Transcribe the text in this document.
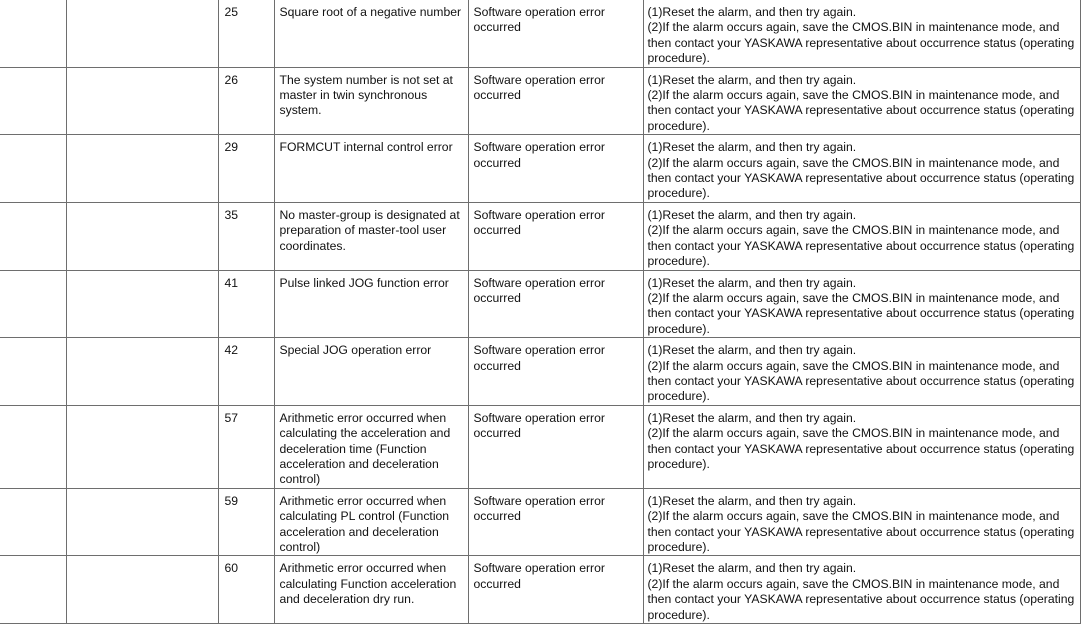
		25	Square root of a negative number	Software operation error
occurred	(1)Reset the alarm, and then try again.
(2)If the alarm occurs again, save the CMOS.BIN in maintenance mode, and
then contact your YASKAWA representative about occurrence status (operating
procedure).
		26	The system number is not set at
master in twin synchronous
system.	Software operation error
occurred	(1)Reset the alarm, and then try again.
(2)If the alarm occurs again, save the CMOS.BIN in maintenance mode, and
then contact your YASKAWA representative about occurrence status (operating
procedure).
		29	FORMCUT internal control error	Software operation error
occurred	(1)Reset the alarm, and then try again.
(2)If the alarm occurs again, save the CMOS.BIN in maintenance mode, and
then contact your YASKAWA representative about occurrence status (operating
procedure).
		35	No master-group is designated at
preparation of master-tool user
coordinates.	Software operation error
occurred	(1)Reset the alarm, and then try again.
(2)If the alarm occurs again, save the CMOS.BIN in maintenance mode, and
then contact your YASKAWA representative about occurrence status (operating
procedure).
		41	Pulse linked JOG function error	Software operation error
occurred	(1)Reset the alarm, and then try again.
(2)If the alarm occurs again, save the CMOS.BIN in maintenance mode, and
then contact your YASKAWA representative about occurrence status (operating
procedure).
		42	Special JOG operation error	Software operation error
occurred	(1)Reset the alarm, and then try again.
(2)If the alarm occurs again, save the CMOS.BIN in maintenance mode, and
then contact your YASKAWA representative about occurrence status (operating
procedure).
		57	Arithmetic error occurred when
calculating the acceleration and
deceleration time (Function
acceleration and deceleration
control)	Software operation error
occurred	(1)Reset the alarm, and then try again.
(2)If the alarm occurs again, save the CMOS.BIN in maintenance mode, and
then contact your YASKAWA representative about occurrence status (operating
procedure).
		59	Arithmetic error occurred when
calculating PL control (Function
acceleration and deceleration
control)	Software operation error
occurred	(1)Reset the alarm, and then try again.
(2)If the alarm occurs again, save the CMOS.BIN in maintenance mode, and
then contact your YASKAWA representative about occurrence status (operating
procedure).
		60	Arithmetic error occurred when
calculating Function acceleration
and deceleration dry run.	Software operation error
occurred	(1)Reset the alarm, and then try again.
(2)If the alarm occurs again, save the CMOS.BIN in maintenance mode, and
then contact your YASKAWA representative about occurrence status (operating
procedure).
